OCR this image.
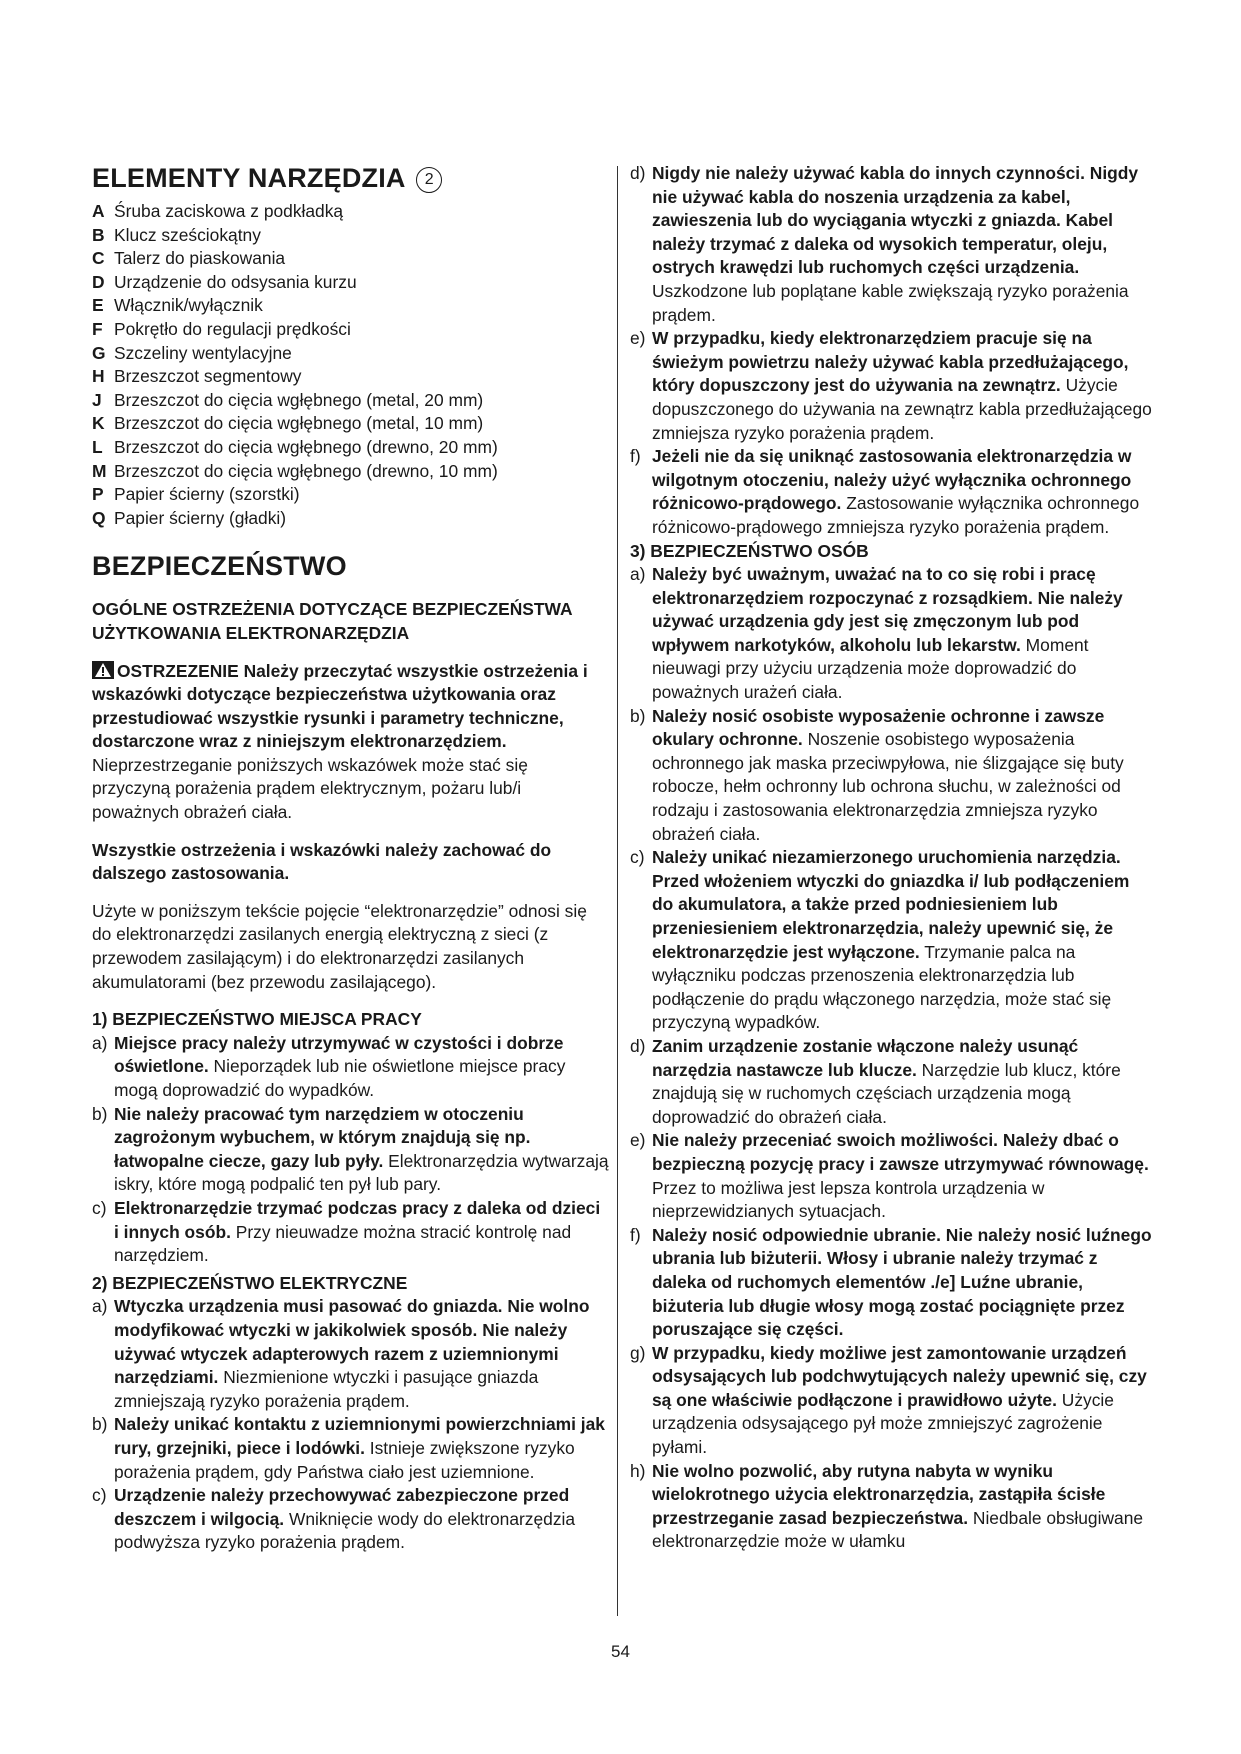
ELEMENTY NARZĘDZIA 2
A Śruba zaciskowa z podkładką
B Klucz sześciokątny
C Talerz do piaskowania
D Urządzenie do odsysania kurzu
E Włącznik/wyłącznik
F Pokrętło do regulacji prędkości
G Szczeliny wentylacyjne
H Brzeszczot segmentowy
J Brzeszczot do cięcia wgłębnego (metal, 20 mm)
K Brzeszczot do cięcia wgłębnego (metal, 10 mm)
L Brzeszczot do cięcia wgłębnego (drewno, 20 mm)
M Brzeszczot do cięcia wgłębnego (drewno, 10 mm)
P Papier ścierny (szorstki)
Q Papier ścierny (gładki)
BEZPIECZEŃSTWO
OGÓLNE OSTRZEŻENIA DOTYCZĄCE BEZPIECZEŃSTWA UŻYTKOWANIA ELEKTRONARZĘDZIA

OSTRZEZENIE Należy przeczytać wszystkie ostrzeżenia i wskazówki dotyczące bezpieczeństwa użytkowania oraz przestudiować wszystkie rysunki i parametry techniczne, dostarczone wraz z niniejszym elektronarzędziem. Nieprzestrzeganie poniższych wskazówek może stać się przyczyną porażenia prądem elektrycznym, pożaru lub/i poważnych obrażeń ciała.

Wszystkie ostrzeżenia i wskazówki należy zachować do dalszego zastosowania.

Użyte w poniższym tekście pojęcie “elektronarzędzie” odnosi się do elektronarzędzi zasilanych energią elektryczną z sieci (z przewodem zasilającym) i do elektronarzędzi zasilanych akumulatorami (bez przewodu zasilającego).

1) BEZPIECZEŃSTWO MIEJSCA PRACY
a) Miejsce pracy należy utrzymywać w czystości i dobrze oświetlone. Nieporządek lub nie oświetlone miejsce pracy mogą doprowadzić do wypadków.
b) Nie należy pracować tym narzędziem w otoczeniu zagrożonym wybuchem, w którym znajdują się np. łatwopalne ciecze, gazy lub pyły. Elektronarzędzia wytwarzają iskry, które mogą podpalić ten pył lub pary.
c) Elektronarzędzie trzymać podczas pracy z daleka od dzieci i innych osób. Przy nieuwadze można stracić kontrolę nad narzędziem.
2) BEZPIECZEŃSTWO ELEKTRYCZNE
a) Wtyczka urządzenia musi pasować do gniazda. Nie wolno modyfikować wtyczki w jakikolwiek sposób. Nie należy używać wtyczek adapterowych razem z uziemnionymi narzędziami. Niezmienione wtyczki i pasujące gniazda zmniejszają ryzyko porażenia prądem.
b) Należy unikać kontaktu z uziemnionymi powierzchniami jak rury, grzejniki, piece i lodówki. Istnieje zwiększone ryzyko porażenia prądem, gdy Państwa ciało jest uziemnione.
c) Urządzenie należy przechowywać zabezpieczone przed deszczem i wilgocią. Wniknięcie wody do elektronarzędzia podwyższa ryzyko porażenia prądem.
d) Nigdy nie należy używać kabla do innych czynności. Nigdy nie używać kabla do noszenia urządzenia za kabel, zawieszenia lub do wyciągania wtyczki z gniazda. Kabel należy trzymać z daleka od wysokich temperatur, oleju, ostrych krawędzi lub ruchomych części urządzenia. Uszkodzone lub poplątane kable zwiększają ryzyko porażenia prądem.
e) W przypadku, kiedy elektronarzędziem pracuje się na świeżym powietrzu należy używać kabla przedłużającego, który dopuszczony jest do używania na zewnątrz. Użycie dopuszczonego do używania na zewnątrz kabla przedłużającego zmniejsza ryzyko porażenia prądem.
f) Jeżeli nie da się uniknąć zastosowania elektronarzędzia w wilgotnym otoczeniu, należy użyć wyłącznika ochronnego różnicowo-prądowego. Zastosowanie wyłącznika ochronnego różnicowo-prądowego zmniejsza ryzyko porażenia prądem.
3) BEZPIECZEŃSTWO OSÓB
a) Należy być uważnym, uważać na to co się robi i pracę elektronarzędziem rozpoczynać z rozsądkiem. Nie należy używać urządzenia gdy jest się zmęczonym lub pod wpływem narkotyków, alkoholu lub lekarstw. Moment nieuwagi przy użyciu urządzenia może doprowadzić do poważnych urażeń ciała.
b) Należy nosić osobiste wyposażenie ochronne i zawsze okulary ochronne. Noszenie osobistego wyposażenia ochronnego jak maska przeciwpyłowa, nie ślizgające się buty robocze, hełm ochronny lub ochrona słuchu, w zależności od rodzaju i zastosowania elektronarzędzia zmniejsza ryzyko obrażeń ciała.
c) Należy unikać niezamierzonego uruchomienia narzędzia. Przed włożeniem wtyczki do gniazdka i/ lub podłączeniem do akumulatora, a także przed podniesieniem lub przeniesieniem elektronarzędzia, należy upewnić się, że elektronarzędzie jest wyłączone. Trzymanie palca na wyłączniku podczas przenoszenia elektronarzędzia lub podłączenie do prądu włączonego narzędzia, może stać się przyczyną wypadków.
d) Zanim urządzenie zostanie włączone należy usunąć narzędzia nastawcze lub klucze. Narzędzie lub klucz, które znajdują się w ruchomych częściach urządzenia mogą doprowadzić do obrażeń ciała.
e) Nie należy przeceniać swoich możliwości. Należy dbać o bezpieczną pozycję pracy i zawsze utrzymywać równowagę. Przez to możliwa jest lepsza kontrola urządzenia w nieprzewidzianych sytuacjach.
f) Należy nosić odpowiednie ubranie. Nie należy nosić luźnego ubrania lub biżuterii. Włosy i ubranie należy trzymać z daleka od ruchomych elementów ./e] Luźne ubranie, biżuteria lub długie włosy mogą zostać pociągnięte przez poruszające się części.
g) W przypadku, kiedy możliwe jest zamontowanie urządzeń odsysających lub podchwytujących należy upewnić się, czy są one właściwie podłączone i prawidłowo użyte. Użycie urządzenia odsysającego pył może zmniejszyć zagrożenie pyłami.
h) Nie wolno pozwolić, aby rutyna nabyta w wyniku wielokrotnego użycia elektronarzędzia, zastąpiła ścisłe przestrzeganie zasad bezpieczeństwa. Niedbale obsługiwane elektronarzędzie może w ułamku
54
